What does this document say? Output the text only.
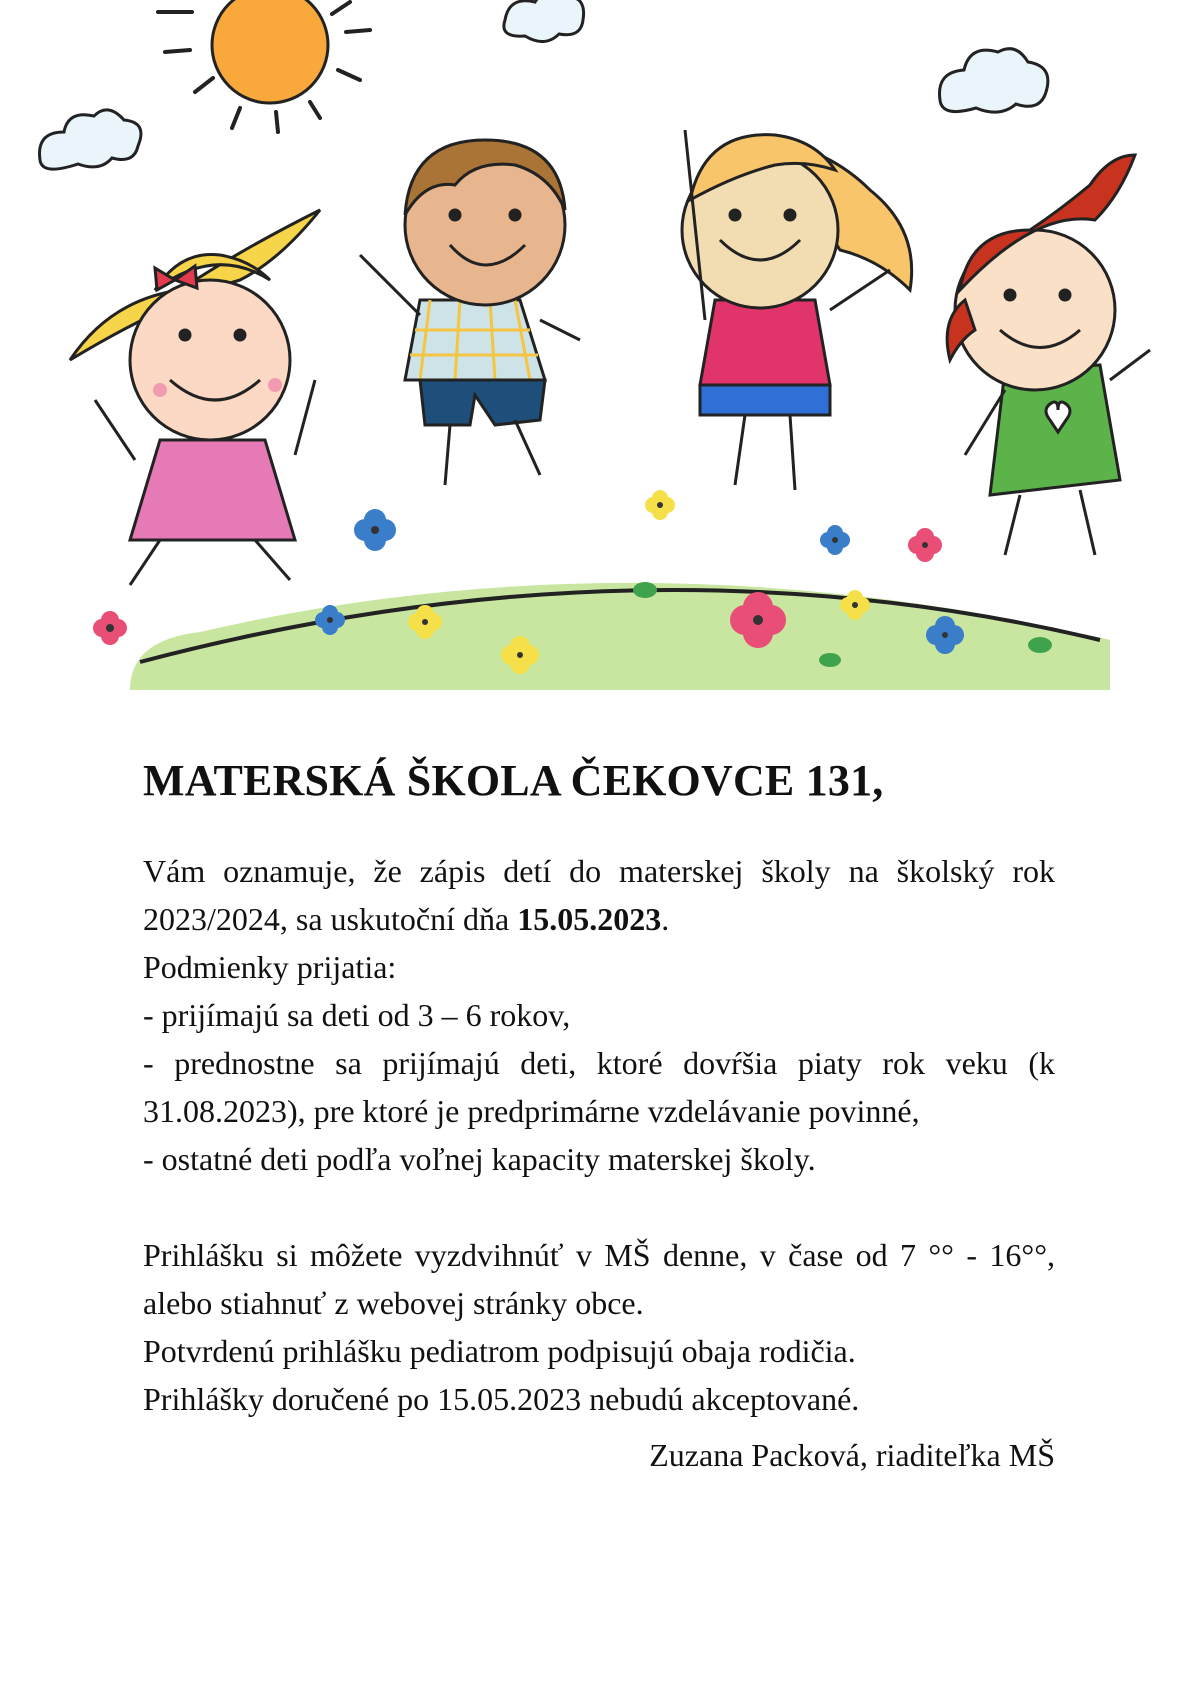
MATERSKÁ ŠKOLA ČEKOVCE 131,

Vám oznamuje, že zápis detí do materskej školy na školský rok 2023/2024, sa uskutoční dňa 15.05.2023.

Podmienky prijatia:

- prijímajú sa deti od 3 – 6 rokov,

- prednostne sa prijímajú deti, ktoré dovŕšia piaty rok veku (k 31.08.2023), pre ktoré je predprimárne vzdelávanie povinné,

- ostatné deti podľa voľnej kapacity materskej školy.

Prihlášku si môžete vyzdvihnúť v MŠ denne, v čase od 7 °° - 16°°, alebo stiahnuť z webovej stránky obce.

Potvrdenú prihlášku pediatrom podpisujú obaja rodičia.

Prihlášky doručené po 15.05.2023 nebudú akceptované.

Zuzana Packová, riaditeľka MŠ
